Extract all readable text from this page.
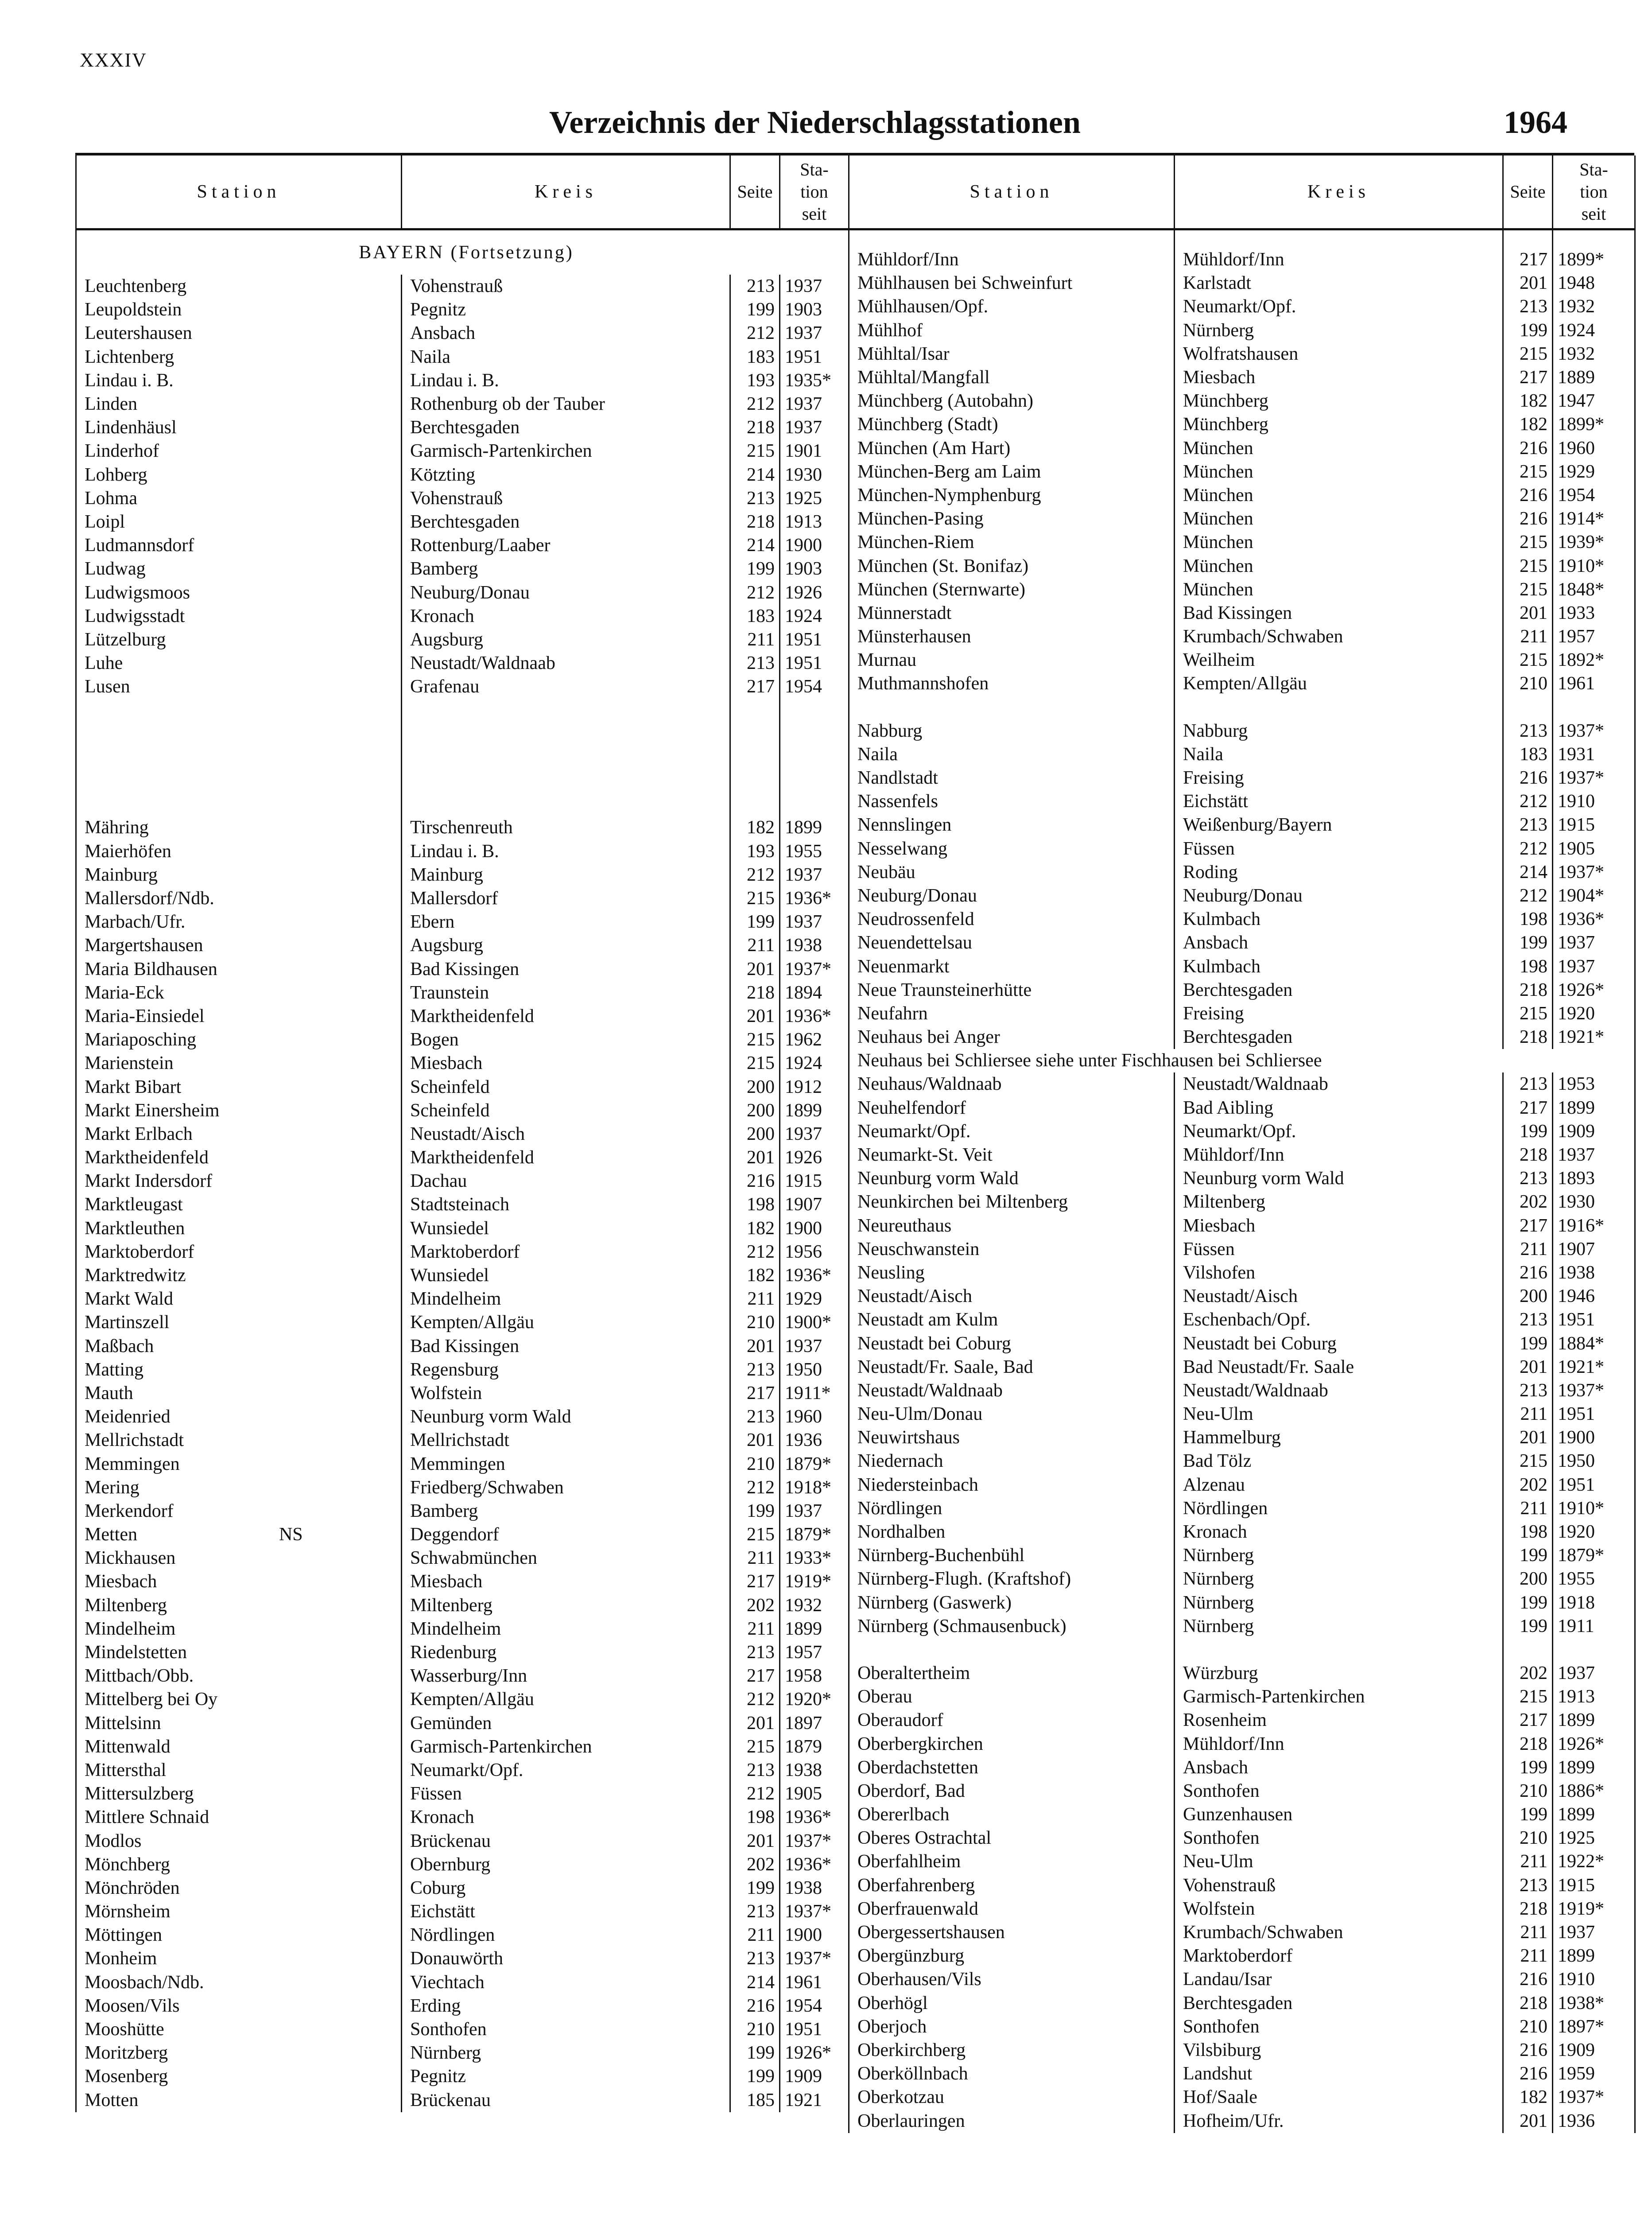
XXXIV
Verzeichnis der Niederschlagsstationen	1964
Station	Kreis	Seite	Sta-
tion
seit
BAYERN (Fortsetzung)			
Leuchtenberg	Vohenstrauß	213	1937
Leupoldstein	Pegnitz	199	1903
Leutershausen	Ansbach	212	1937
Lichtenberg	Naila	183	1951
Lindau i. B.	Lindau i. B.	193	1935*
Linden	Rothenburg ob der Tauber	212	1937
Lindenhäusl	Berchtesgaden	218	1937
Linderhof	Garmisch-Partenkirchen	215	1901
Lohberg	Kötzting	214	1930
Lohma	Vohenstrauß	213	1925
Loipl	Berchtesgaden	218	1913
Ludmannsdorf	Rottenburg/Laaber	214	1900
Ludwag	Bamberg	199	1903
Ludwigsmoos	Neuburg/Donau	212	1926
Ludwigsstadt	Kronach	183	1924
Lützelburg	Augsburg	211	1951
Luhe	Neustadt/Waldnaab	213	1951
Lusen	Grafenau	217	1954

Mähring	Tirschenreuth	182	1899
Maierhöfen	Lindau i. B.	193	1955
Mainburg	Mainburg	212	1937
Mallersdorf/Ndb.	Mallersdorf	215	1936*
Marbach/Ufr.	Ebern	199	1937
Margertshausen	Augsburg	211	1938
Maria Bildhausen	Bad Kissingen	201	1937*
Maria-Eck	Traunstein	218	1894
Maria-Einsiedel	Marktheidenfeld	201	1936*
Mariaposching	Bogen	215	1962
Marienstein	Miesbach	215	1924
Markt Bibart	Scheinfeld	200	1912
Markt Einersheim	Scheinfeld	200	1899
Markt Erlbach	Neustadt/Aisch	200	1937
Marktheidenfeld	Marktheidenfeld	201	1926
Markt Indersdorf	Dachau	216	1915
Marktleugast	Stadtsteinach	198	1907
Marktleuthen	Wunsiedel	182	1900
Marktoberdorf	Marktoberdorf	212	1956
Marktredwitz	Wunsiedel	182	1936*
Markt Wald	Mindelheim	211	1929
Martinszell	Kempten/Allgäu	210	1900*
Maßbach	Bad Kissingen	201	1937
Matting	Regensburg	213	1950
Mauth	Wolfstein	217	1911*
Meidenried	Neunburg vorm Wald	213	1960
Mellrichstadt	Mellrichstadt	201	1936
Memmingen	Memmingen	210	1879*
Mering	Friedberg/Schwaben	212	1918*
Merkendorf	Bamberg	199	1937
Metten NS	Deggendorf	215	1879*
Mickhausen	Schwabmünchen	211	1933*
Miesbach	Miesbach	217	1919*
Miltenberg	Miltenberg	202	1932
Mindelheim	Mindelheim	211	1899
Mindelstetten	Riedenburg	213	1957
Mittbach/Obb.	Wasserburg/Inn	217	1958
Mittelberg bei Oy	Kempten/Allgäu	212	1920*
Mittelsinn	Gemünden	201	1897
Mittenwald	Garmisch-Partenkirchen	215	1879
Mittersthal	Neumarkt/Opf.	213	1938
Mittersulzberg	Füssen	212	1905
Mittlere Schnaid	Kronach	198	1936*
Modlos	Brückenau	201	1937*
Mönchberg	Obernburg	202	1936*
Mönchröden	Coburg	199	1938
Mörnsheim	Eichstätt	213	1937*
Möttingen	Nördlingen	211	1900
Monheim	Donauwörth	213	1937*
Moosbach/Ndb.	Viechtach	214	1961
Moosen/Vils	Erding	216	1954
Mooshütte	Sonthofen	210	1951
Moritzberg	Nürnberg	199	1926*
Mosenberg	Pegnitz	199	1909
Motten	Brückenau	185	1921
Station	Kreis	Seite	Sta-
tion
seit

Mühldorf/Inn	Mühldorf/Inn	217	1899*
Mühlhausen bei Schweinfurt	Karlstadt	201	1948
Mühlhausen/Opf.	Neumarkt/Opf.	213	1932
Mühlhof	Nürnberg	199	1924
Mühltal/Isar	Wolfratshausen	215	1932
Mühltal/Mangfall	Miesbach	217	1889
Münchberg (Autobahn)	Münchberg	182	1947
Münchberg (Stadt)	Münchberg	182	1899*
München (Am Hart)	München	216	1960
München-Berg am Laim	München	215	1929
München-Nymphenburg	München	216	1954
München-Pasing	München	216	1914*
München-Riem	München	215	1939*
München (St. Bonifaz)	München	215	1910*
München (Sternwarte)	München	215	1848*
Münnerstadt	Bad Kissingen	201	1933
Münsterhausen	Krumbach/Schwaben	211	1957
Murnau	Weilheim	215	1892*
Muthmannshofen	Kempten/Allgäu	210	1961

Nabburg	Nabburg	213	1937*
Naila	Naila	183	1931
Nandlstadt	Freising	216	1937*
Nassenfels	Eichstätt	212	1910
Nennslingen	Weißenburg/Bayern	213	1915
Nesselwang	Füssen	212	1905
Neubäu	Roding	214	1937*
Neuburg/Donau	Neuburg/Donau	212	1904*
Neudrossenfeld	Kulmbach	198	1936*
Neuendettelsau	Ansbach	199	1937
Neuenmarkt	Kulmbach	198	1937
Neue Traunsteinerhütte	Berchtesgaden	218	1926*
Neufahrn	Freising	215	1920
Neuhaus bei Anger	Berchtesgaden	218	1921*
Neuhaus bei Schliersee siehe unter Fischhausen bei Schliersee			
Neuhaus/Waldnaab	Neustadt/Waldnaab	213	1953
Neuhelfendorf	Bad Aibling	217	1899
Neumarkt/Opf.	Neumarkt/Opf.	199	1909
Neumarkt-St. Veit	Mühldorf/Inn	218	1937
Neunburg vorm Wald	Neunburg vorm Wald	213	1893
Neunkirchen bei Miltenberg	Miltenberg	202	1930
Neureuthaus	Miesbach	217	1916*
Neuschwanstein	Füssen	211	1907
Neusling	Vilshofen	216	1938
Neustadt/Aisch	Neustadt/Aisch	200	1946
Neustadt am Kulm	Eschenbach/Opf.	213	1951
Neustadt bei Coburg	Neustadt bei Coburg	199	1884*
Neustadt/Fr. Saale, Bad	Bad Neustadt/Fr. Saale	201	1921*
Neustadt/Waldnaab	Neustadt/Waldnaab	213	1937*
Neu-Ulm/Donau	Neu-Ulm	211	1951
Neuwirtshaus	Hammelburg	201	1900
Niedernach	Bad Tölz	215	1950
Niedersteinbach	Alzenau	202	1951
Nördlingen	Nördlingen	211	1910*
Nordhalben	Kronach	198	1920
Nürnberg-Buchenbühl	Nürnberg	199	1879*
Nürnberg-Flugh. (Kraftshof)	Nürnberg	200	1955
Nürnberg (Gaswerk)	Nürnberg	199	1918
Nürnberg (Schmausenbuck)	Nürnberg	199	1911

Oberaltertheim	Würzburg	202	1937
Oberau	Garmisch-Partenkirchen	215	1913
Oberaudorf	Rosenheim	217	1899
Oberbergkirchen	Mühldorf/Inn	218	1926*
Oberdachstetten	Ansbach	199	1899
Oberdorf, Bad	Sonthofen	210	1886*
Obererlbach	Gunzenhausen	199	1899
Oberes Ostrachtal	Sonthofen	210	1925
Oberfahlheim	Neu-Ulm	211	1922*
Oberfahrenberg	Vohenstrauß	213	1915
Oberfrauenwald	Wolfstein	218	1919*
Obergessertshausen	Krumbach/Schwaben	211	1937
Obergünzburg	Marktoberdorf	211	1899
Oberhausen/Vils	Landau/Isar	216	1910
Oberhögl	Berchtesgaden	218	1938*
Oberjoch	Sonthofen	210	1897*
Oberkirchberg	Vilsbiburg	216	1909
Oberköllnbach	Landshut	216	1959
Oberkotzau	Hof/Saale	182	1937*
Oberlauringen	Hofheim/Ufr.	201	1936
